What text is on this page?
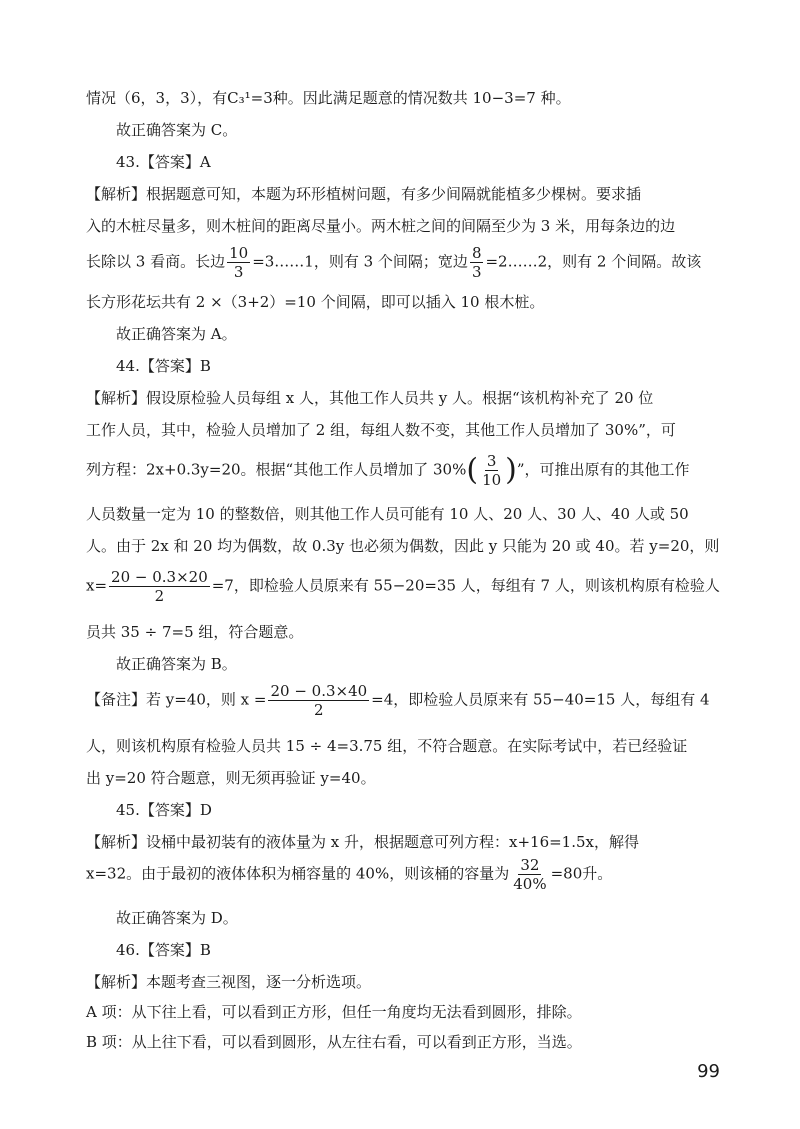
情况（6，3，3），有C₃¹=3种。因此满足题意的情况数共 10−3=7 种。
故正确答案为 C。
43.【答案】A
【解析】根据题意可知，本题为环形植树问题，有多少间隔就能植多少棵树。要求插
入的木桩尽量多，则木桩间的距离尽量小。两木桩之间的间隔至少为 3 米，用每条边的边
长除以 3 看商。长边 $\frac{10}{3}$ =3……1，则有 3 个间隔；宽边 $\frac{8}{3}$ =2……2，则有 2 个间隔。故该
长方形花坛共有 2 ×（3+2）=10 个间隔，即可以插入 10 根木桩。
故正确答案为 A。
44.【答案】B
【解析】假设原检验人员每组 x 人，其他工作人员共 y 人。根据“该机构补充了 20 位
工作人员，其中，检验人员增加了 2 组，每组人数不变，其他工作人员增加了 30%”，可
列方程：2x+0.3y=20。根据“其他工作人员增加了 $30\%( \frac{3}{10}$ )”，可推出原有的其他工作
人员数量一定为 10 的整数倍，则其他工作人员可能有 10 人、20 人、30 人、40 人或 50
人。由于 2x 和 20 均为偶数，故 0.3y 也必须为偶数，因此 y 只能为 20 或 40。若 y=20，则
$x= \frac{20 - 0.3\times 20}{2} =7$，即检验人员原来有 55−20=35 人，每组有 7 人，则该机构原有检验人
员共 35 ÷ 7=5 组，符合题意。
故正确答案为 B。
【备注】若 y=40，则 $x = \frac{20 - 0.3\times 40}{2} =4$，即检验人员原来有 55−40=15 人，每组有 4
人，则该机构原有检验人员共 15 ÷ 4=3.75 组，不符合题意。在实际考试中，若已经验证
出 y=20 符合题意，则无须再验证 y=40。
45.【答案】D
【解析】设桶中最初装有的液体量为 x 升，根据题意可列方程：x+16=1.5x，解得
x=32。由于最初的液体体积为桶容量的 40%，则该桶的容量为 $\frac{32}{40\%} =80$升。
故正确答案为 D。
46.【答案】B
【解析】本题考查三视图，逐一分析选项。
A 项：从下往上看，可以看到正方形，但任一角度均无法看到圆形，排除。
B 项：从上往下看，可以看到圆形，从左往右看，可以看到正方形，当选。
99
